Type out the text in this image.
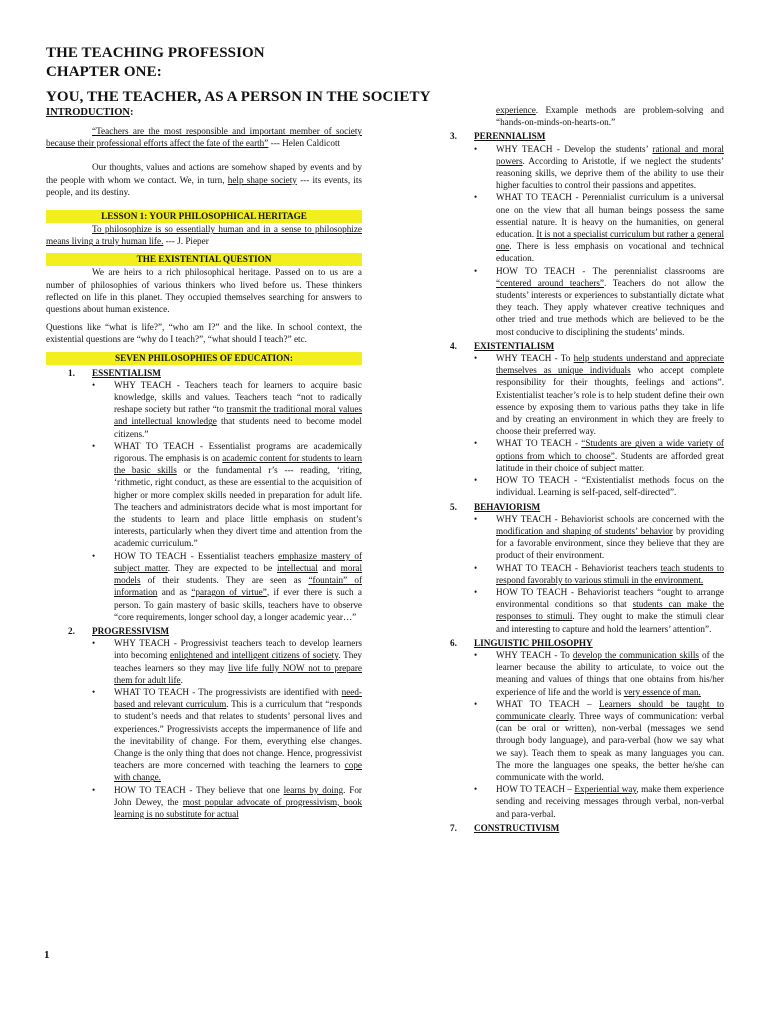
THE TEACHING PROFESSION
CHAPTER ONE:
YOU, THE TEACHER, AS A PERSON IN THE SOCIETY
INTRODUCTION:

“Teachers are the most responsible and important member of society because their professional efforts affect the fate of the earth” --- Helen Caldicott

Our thoughts, values and actions are somehow shaped by events and by the people with whom we contact. We, in turn, help shape society --- its events, its people, and its destiny.

LESSON 1: YOUR PHILOSOPHICAL HERITAGE

To philosophize is so essentially human and in a sense to philosophize means living a truly human life. --- J. Pieper

THE EXISTENTIAL QUESTION

We are heirs to a rich philosophical heritage. Passed on to us are a number of philosophies of various thinkers who lived before us. These thinkers reflected on life in this planet. They occupied themselves searching for answers to questions about human existence.

Questions like “what is life?”, “who am I?” and the like. In school context, the existential questions are “why do I teach?”, “what should I teach?” etc.

SEVEN PHILOSOPHIES OF EDUCATION:
1. ESSENTIALISM
• WHY TEACH - Teachers teach for learners to acquire basic knowledge, skills and values. Teachers teach “not to radically reshape society but rather “to transmit the traditional moral values and intellectual knowledge that students need to become model citizens.”
• WHAT TO TEACH - Essentialist programs are academically rigorous. The emphasis is on academic content for students to learn the basic skills or the fundamental r’s --- reading, ‘riting, ‘rithmetic, right conduct, as these are essential to the acquisition of higher or more complex skills needed in preparation for adult life. The teachers and administrators decide what is most important for the students to learn and place little emphasis on student’s interests, particularly when they divert time and attention from the academic curriculum.”
• HOW TO TEACH - Essentialist teachers emphasize mastery of subject matter. They are expected to be intellectual and moral models of their students. They are seen as “fountain” of information and as “paragon of virtue”, if ever there is such a person. To gain mastery of basic skills, teachers have to observe “core requirements, longer school day, a longer academic year…”
2. PROGRESSIVISM
• WHY TEACH - Progressivist teachers teach to develop learners into becoming enlightened and intelligent citizens of society. They teaches learners so they may live life fully NOW not to prepare them for adult life.
• WHAT TO TEACH - The progressivists are identified with need-based and relevant curriculum. This is a curriculum that “responds to student’s needs and that relates to students’ personal lives and experiences.” Progressivists accepts the impermanence of life and the inevitability of change. For them, everything else changes. Change is the only thing that does not change. Hence, progressivist teachers are more concerned with teaching the learners to cope with change.
• HOW TO TEACH - They believe that one learns by doing. For John Dewey, the most popular advocate of progressivism, book learning is no substitute for actual

experience. Example methods are problem-solving and “hands-on-minds-on-hearts-on.”

3. PERENNIALISM
• WHY TEACH - Develop the students’ rational and moral powers. According to Aristotle, if we neglect the students’ reasoning skills, we deprive them of the ability to use their higher faculties to control their passions and appetites.
• WHAT TO TEACH - Perennialist curriculum is a universal one on the view that all human beings possess the same essential nature. It is heavy on the humanities, on general education. It is not a specialist curriculum but rather a general one. There is less emphasis on vocational and technical education.
• HOW TO TEACH - The perennialist classrooms are “centered around teachers”. Teachers do not allow the students’ interests or experiences to substantially dictate what they teach. They apply whatever creative techniques and other tried and true methods which are believed to be the most conducive to disciplining the students’ minds.
4. EXISTENTIALISM
• WHY TEACH - To help students understand and appreciate themselves as unique individuals who accept complete responsibility for their thoughts, feelings and actions”. Existentialist teacher’s role is to help student define their own essence by exposing them to various paths they take in life and by creating an environment in which they are freely to choose their preferred way.
• WHAT TO TEACH - “Students are given a wide variety of options from which to choose”. Students are afforded great latitude in their choice of subject matter.
• HOW TO TEACH - “Existentialist methods focus on the individual. Learning is self-paced, self-directed”.
5. BEHAVIORISM
• WHY TEACH - Behaviorist schools are concerned with the modification and shaping of students’ behavior by providing for a favorable environment, since they believe that they are product of their environment.
• WHAT TO TEACH - Behaviorist teachers teach students to respond favorably to various stimuli in the environment.
• HOW TO TEACH - Behaviorist teachers “ought to arrange environmental conditions so that students can make the responses to stimuli. They ought to make the stimuli clear and interesting to capture and hold the learners’ attention”.
6. LINGUISTIC PHILOSOPHY
• WHY TEACH - To develop the communication skills of the learner because the ability to articulate, to voice out the meaning and values of things that one obtains from his/her experience of life and the world is very essence of man.
• WHAT TO TEACH – Learners should be taught to communicate clearly. Three ways of communication: verbal (can be oral or written), non-verbal (messages we send through body language), and para-verbal (how we say what we say). Teach them to speak as many languages you can. The more the languages one speaks, the better he/she can communicate with the world.
• HOW TO TEACH – Experiential way, make them experience sending and receiving messages through verbal, non-verbal and para-verbal.
7. CONSTRUCTIVISM
1
